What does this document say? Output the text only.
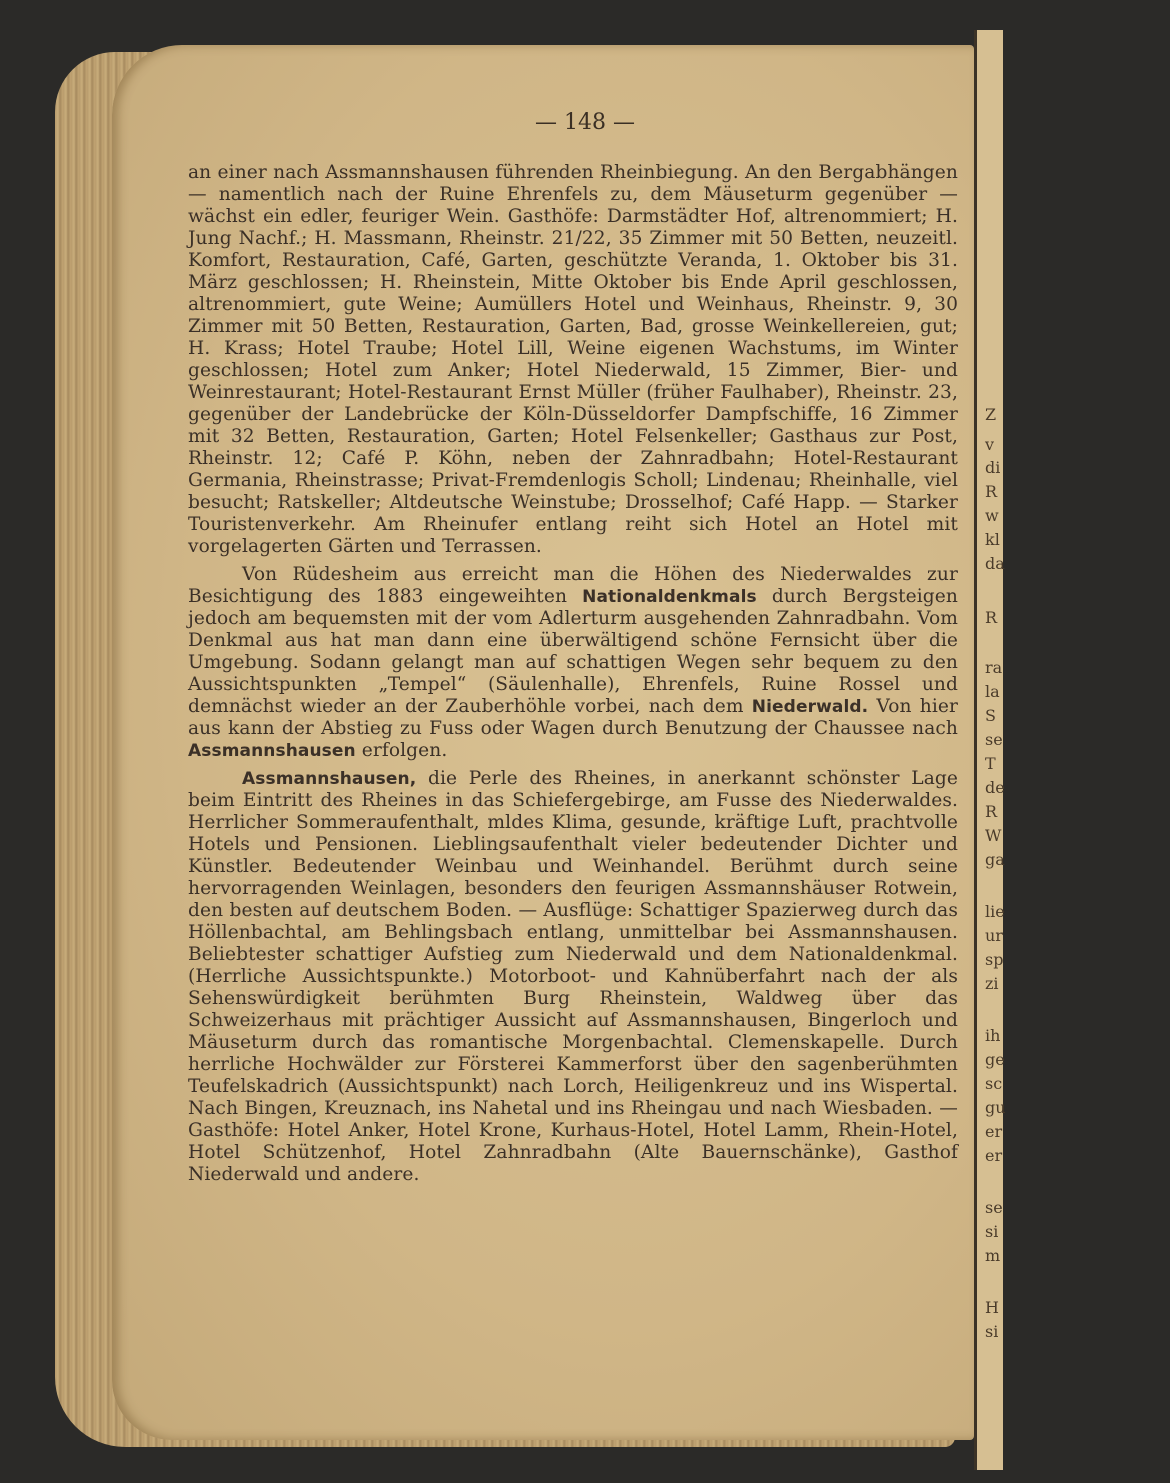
Z
v
di
R
w
kl
da
R
ra
la
S
se
T
de
R
W
ga
lie
ur
sp
zi
ih
ge
sc
gu
er
er
se
si
m
H
si
— 148 —

an einer nach Assmannshausen führenden Rheinbiegung. An den Bergabhängen — namentlich nach der Ruine Ehrenfels zu, dem Mäuseturm gegenüber — wächst ein edler, feuriger Wein. Gasthöfe: Darmstädter Hof, altrenommiert; H. Jung Nachf.; H. Massmann, Rheinstr. 21/22, 35 Zimmer mit 50 Betten, neuzeitl. Komfort, Restauration, Café, Garten, geschützte Veranda, 1. Oktober bis 31. März geschlossen; H. Rheinstein, Mitte Oktober bis Ende April geschlossen, altrenommiert, gute Weine; Aumüllers Hotel und Weinhaus, Rheinstr. 9, 30 Zimmer mit 50 Betten, Restauration, Garten, Bad, grosse Weinkellereien, gut; H. Krass; Hotel Traube; Hotel Lill, Weine eigenen Wachstums, im Winter geschlossen; Hotel zum Anker; Hotel Niederwald, 15 Zimmer, Bier- und Weinrestaurant; Hotel-Restaurant Ernst Müller (früher Faulhaber), Rheinstr. 23, gegenüber der Landebrücke der Köln-Düsseldorfer Dampfschiffe, 16 Zimmer mit 32 Betten, Restauration, Garten; Hotel Felsenkeller; Gasthaus zur Post, Rheinstr. 12; Café P. Köhn, neben der Zahnradbahn; Hotel-Restaurant Germania, Rheinstrasse; Privat-Fremdenlogis Scholl; Lindenau; Rheinhalle, viel besucht; Ratskeller; Altdeutsche Weinstube; Drosselhof; Café Happ. — Starker Touristenverkehr. Am Rheinufer entlang reiht sich Hotel an Hotel mit vorgelagerten Gärten und Terrassen.

Von Rüdesheim aus erreicht man die Höhen des Niederwaldes zur Besichtigung des 1883 eingeweihten Nationaldenkmals durch Bergsteigen jedoch am bequemsten mit der vom Adlerturm ausgehenden Zahnradbahn. Vom Denkmal aus hat man dann eine überwältigend schöne Fernsicht über die Umgebung. Sodann gelangt man auf schattigen Wegen sehr bequem zu den Aussichtspunkten „Tempel“ (Säulenhalle), Ehrenfels, Ruine Rossel und demnächst wieder an der Zauberhöhle vorbei, nach dem Niederwald. Von hier aus kann der Abstieg zu Fuss oder Wagen durch Benutzung der Chaussee nach Assmannshausen erfolgen.

Assmannshausen, die Perle des Rheines, in anerkannt schönster Lage beim Eintritt des Rheines in das Schiefergebirge, am Fusse des Niederwaldes. Herrlicher Sommeraufenthalt, mldes Klima, gesunde, kräftige Luft, prachtvolle Hotels und Pensionen. Lieblingsaufenthalt vieler bedeutender Dichter und Künstler. Bedeutender Weinbau und Weinhandel. Berühmt durch seine hervorragenden Weinlagen, besonders den feurigen Assmannshäuser Rotwein, den besten auf deutschem Boden. — Ausflüge: Schattiger Spazierweg durch das Höllenbachtal, am Behlingsbach entlang, unmittelbar bei Assmannshausen. Beliebtester schattiger Aufstieg zum Niederwald und dem Nationaldenkmal. (Herrliche Aussichtspunkte.) Motorboot- und Kahnüberfahrt nach der als Sehenswürdigkeit berühmten Burg Rheinstein, Waldweg über das Schweizerhaus mit prächtiger Aussicht auf Assmannshausen, Bingerloch und Mäuseturm durch das romantische Morgenbachtal. Clemenskapelle. Durch herrliche Hochwälder zur Försterei Kammerforst über den sagenberühmten Teufelskadrich (Aussichtspunkt) nach Lorch, Heiligenkreuz und ins Wispertal. Nach Bingen, Kreuznach, ins Nahetal und ins Rheingau und nach Wiesbaden. — Gasthöfe: Hotel Anker, Hotel Krone, Kurhaus-Hotel, Hotel Lamm, Rhein-Hotel, Hotel Schützenhof, Hotel Zahnradbahn (Alte Bauernschänke), Gasthof Niederwald und andere.
